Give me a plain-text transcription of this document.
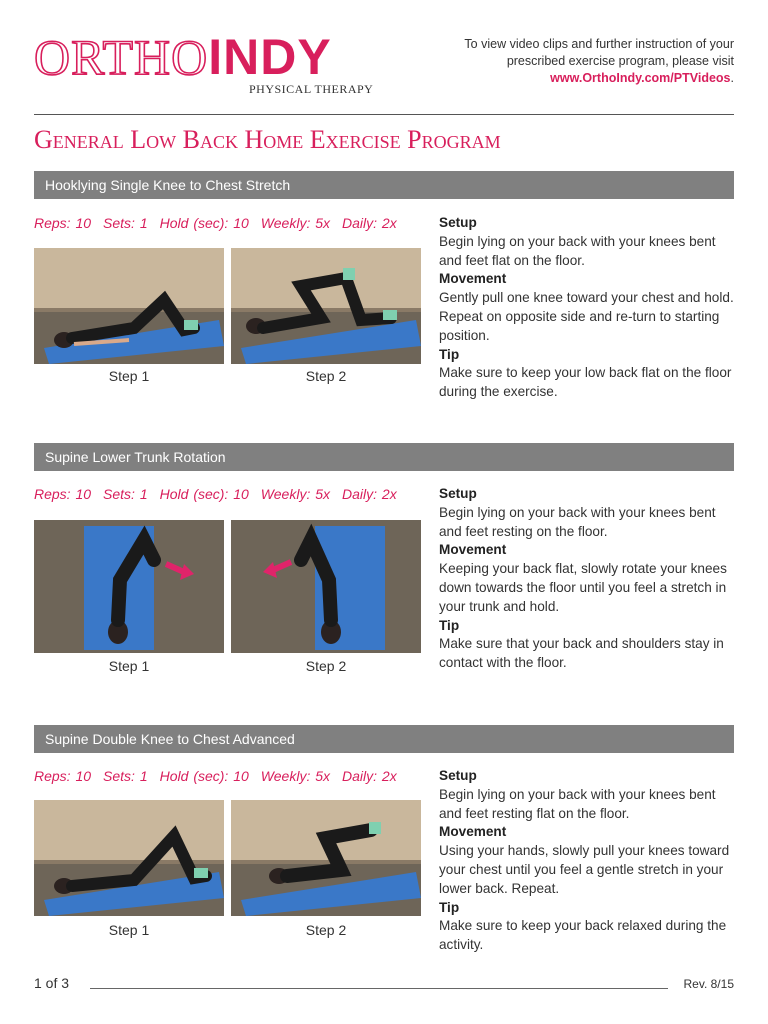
ORTHOINDY
PHYSICAL THERAPY
To view video clips and further instruction of your prescribed exercise program, please visit www.OrthoIndy.com/PTVideos.
General Low Back Home Exercise Program
Hooklying Single Knee to Chest Stretch
Reps: 10 Sets: 1 Hold (sec): 10 Weekly: 5x Daily: 2x
Step 1	Step 2
Setup
Begin lying on your back with your knees bent and feet flat on the floor.
Movement
Gently pull one knee toward your chest and hold. Repeat on opposite side and re-turn to starting position.
Tip
Make sure to keep your low back flat on the floor during the exercise.
Supine Lower Trunk Rotation
Reps: 10 Sets: 1 Hold (sec): 10 Weekly: 5x Daily: 2x
Step 1	Step 2
Setup
Begin lying on your back with your knees bent and feet resting on the floor.
Movement
Keeping your back flat, slowly rotate your knees down towards the floor until you feel a stretch in your trunk and hold.
Tip
Make sure that your back and shoulders stay in contact with the floor.
Supine Double Knee to Chest Advanced
Reps: 10 Sets: 1 Hold (sec): 10 Weekly: 5x Daily: 2x
Step 1	Step 2
Setup
Begin lying on your back with your knees bent and feet resting flat on the floor.
Movement
Using your hands, slowly pull your knees toward your chest until you feel a gentle stretch in your lower back. Repeat.
Tip
Make sure to keep your back relaxed during the activity.
1 of 3	Rev. 8/15
